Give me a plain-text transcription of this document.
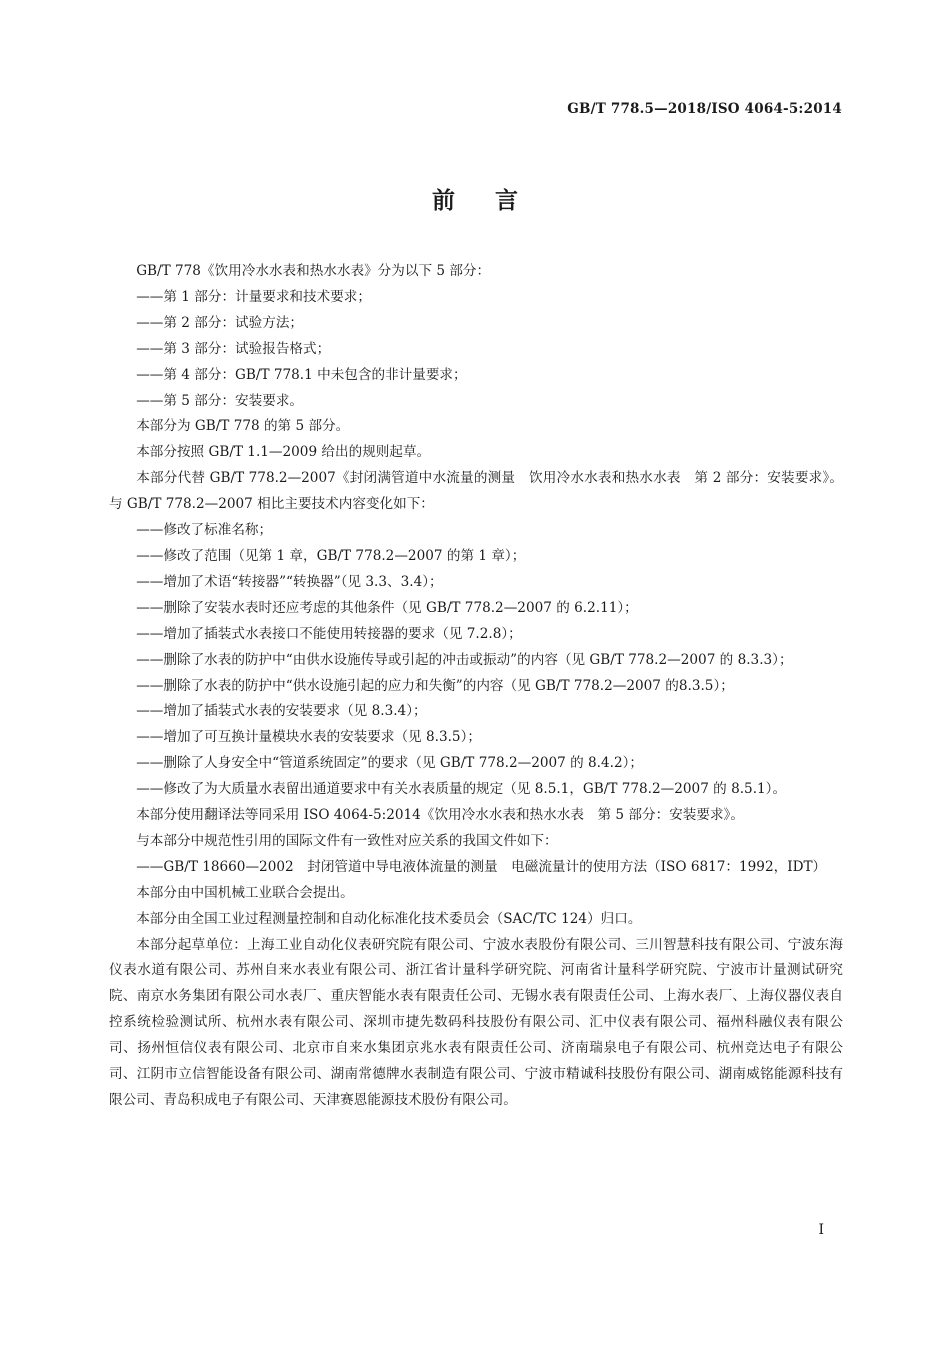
GB/T 778.5—2018/ISO 4064-5:2014
前言

GB/T 778《饮用冷水水表和热水水表》分为以下 5 部分：

——第 1 部分：计量要求和技术要求；

——第 2 部分：试验方法；

——第 3 部分：试验报告格式；

——第 4 部分：GB/T 778.1 中未包含的非计量要求；

——第 5 部分：安装要求。

本部分为 GB/T 778 的第 5 部分。

本部分按照 GB/T 1.1—2009 给出的规则起草。

本部分代替 GB/T 778.2—2007《封闭满管道中水流量的测量　饮用冷水水表和热水水表　第 2 部分：安装要求》。与 GB/T 778.2—2007 相比主要技术内容变化如下：

——修改了标准名称；

——修改了范围（见第 1 章，GB/T 778.2—2007 的第 1 章）；

——增加了术语“转接器”“转换器”（见 3.3、3.4）；

——删除了安装水表时还应考虑的其他条件（见 GB/T 778.2—2007 的 6.2.11）；

——增加了插装式水表接口不能使用转接器的要求（见 7.2.8）；

——删除了水表的防护中“由供水设施传导或引起的冲击或振动”的内容（见 GB/T 778.2—2007 的 8.3.3）；

——删除了水表的防护中“供水设施引起的应力和失衡”的内容（见 GB/T 778.2—2007 的8.3.5）；

——增加了插装式水表的安装要求（见 8.3.4）；

——增加了可互换计量模块水表的安装要求（见 8.3.5）；

——删除了人身安全中“管道系统固定”的要求（见 GB/T 778.2—2007 的 8.4.2）；

——修改了为大质量水表留出通道要求中有关水表质量的规定（见 8.5.1，GB/T 778.2—2007 的 8.5.1）。

本部分使用翻译法等同采用 ISO 4064-5:2014《饮用冷水水表和热水水表　第 5 部分：安装要求》。

与本部分中规范性引用的国际文件有一致性对应关系的我国文件如下：

——GB/T 18660—2002　封闭管道中导电液体流量的测量　电磁流量计的使用方法（ISO 6817：1992，IDT）

本部分由中国机械工业联合会提出。

本部分由全国工业过程测量控制和自动化标准化技术委员会（SAC/TC 124）归口。

本部分起草单位：上海工业自动化仪表研究院有限公司、宁波水表股份有限公司、三川智慧科技有限公司、宁波东海仪表水道有限公司、苏州自来水表业有限公司、浙江省计量科学研究院、河南省计量科学研究院、宁波市计量测试研究院、南京水务集团有限公司水表厂、重庆智能水表有限责任公司、无锡水表有限责任公司、上海水表厂、上海仪器仪表自控系统检验测试所、杭州水表有限公司、深圳市捷先数码科技股份有限公司、汇中仪表有限公司、福州科融仪表有限公司、扬州恒信仪表有限公司、北京市自来水集团京兆水表有限责任公司、济南瑞泉电子有限公司、杭州竞达电子有限公司、江阴市立信智能设备有限公司、湖南常德牌水表制造有限公司、宁波市精诚科技股份有限公司、湖南威铭能源科技有限公司、青岛积成电子有限公司、天津赛恩能源技术股份有限公司。

I
